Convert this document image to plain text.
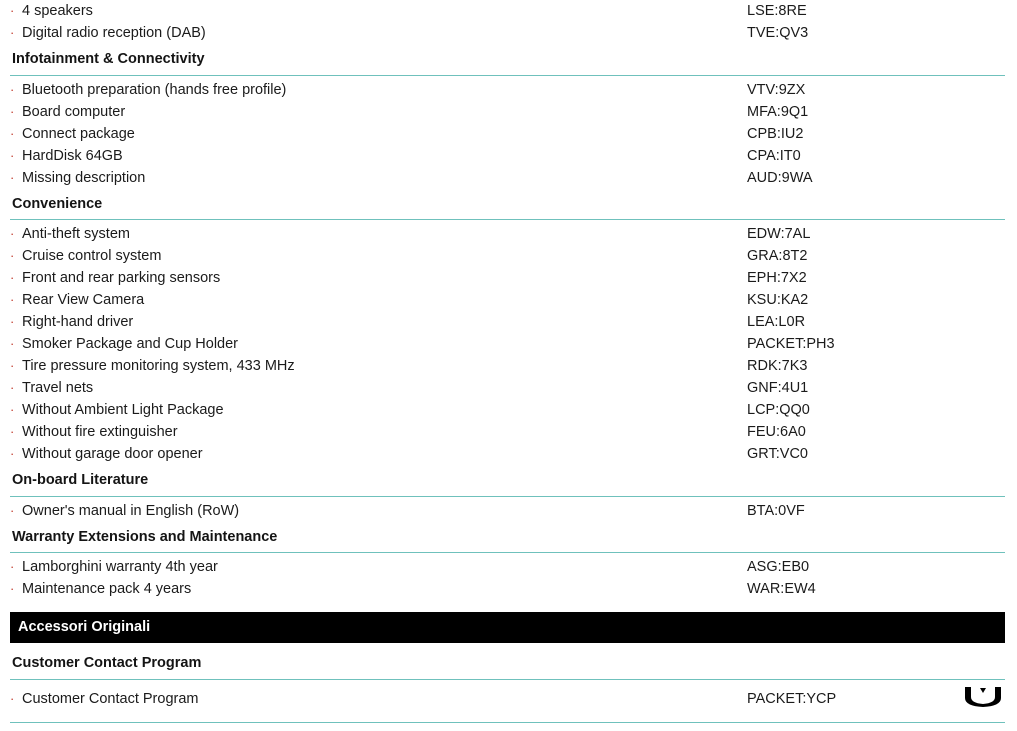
· 4 speakers	LSE:8RE
· Digital radio reception (DAB)	TVE:QV3
Infotainment & Connectivity
· Bluetooth preparation (hands free profile)	VTV:9ZX
· Board computer	MFA:9Q1
· Connect package	CPB:IU2
· HardDisk 64GB	CPA:IT0
· Missing description	AUD:9WA
Convenience
· Anti-theft system	EDW:7AL
· Cruise control system	GRA:8T2
· Front and rear parking sensors	EPH:7X2
· Rear View Camera	KSU:KA2
· Right-hand driver	LEA:L0R
· Smoker Package and Cup Holder	PACKET:PH3
· Tire pressure monitoring system, 433 MHz	RDK:7K3
· Travel nets	GNF:4U1
· Without Ambient Light Package	LCP:QQ0
· Without fire extinguisher	FEU:6A0
· Without garage door opener	GRT:VC0
On-board Literature
· Owner's manual in English (RoW)	BTA:0VF
Warranty Extensions and Maintenance
· Lamborghini warranty 4th year	ASG:EB0
· Maintenance pack 4 years	WAR:EW4
Accessori Originali
Customer Contact Program
· Customer Contact Program	PACKET:YCP
